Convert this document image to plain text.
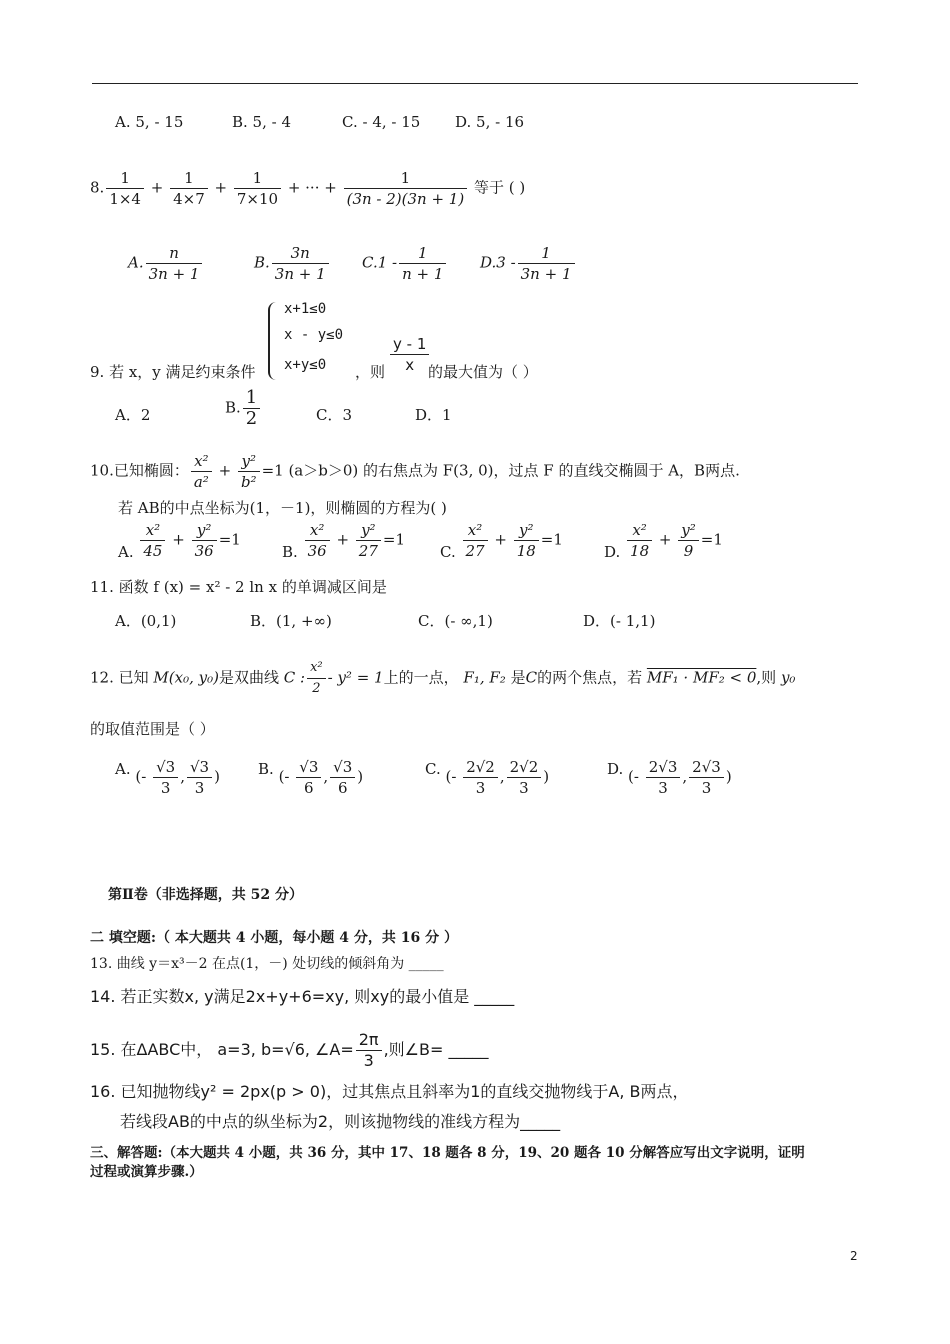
A. 5, - 15	B. 5, - 4	C. - 4, - 15 D. 5, - 16
8. $\frac{1}{1\times 4} + \frac{1}{4\times 7} + \frac{1}{7\times 10}$ + ··· + $\frac{1}{(3n - 2)(3n + 1)}$ 等于 ( )
A. $\frac{n}{3n + 1}$	B. $\frac{3n}{3n + 1} C.1 - \frac{1}{n + 1} D.3 - \frac{1}{3n + 1}$
x+1≤0
x - y≤0
x+y≤0
9. 若 x，y 满足约束条件	，则 $\frac{y - 1}{x}$
的最大值为（ ）
A．2	B. $\frac{1}{2}$	C．3	D．1
10.已知椭圆： $\frac{\text{x²}}{\text{a²}} + \frac{\text{y²}}{\text{b²}} =1$ (a＞b＞0) 的右焦点为 F(3, 0)，过点 F 的直线交椭圆于 A，B两点.
若 AB的中点坐标为(1，－1)，则椭圆的方程为( )
A. $\frac{\text{x²}}{45} + \frac{\text{y²}}{36} =1$
B. $\frac{\text{x²}}{36} + \frac{\text{y²}}{27} =1$
C. $\frac{\text{x²}}{27} + \frac{\text{y²}}{18} =1$
D. $\frac{\text{x²}}{18} + \frac{\text{y²}}{9} =1$
11. 函数 f (x) = x² - 2 ln x 的单调减区间是
A．(0,1)	B．(1, +∞)	C．(- ∞,1)	D．(- 1,1)
12. 已知 M(x₀, y₀)是双曲线 C : $\frac{\text{x²}}{2} - y^2 = 1$上的一点， F₁, F₂ 是C的两个焦点，若 MF₁ · MF₂ < 0,则 y₀
的取值范围是（ ）
A. (- $\frac{√3}{3}$ , $\frac{√3}{3}$ )	B. (- $\frac{√3}{6}$ , $\frac{√3}{6}$ )	C. (- $\frac{2√2}{3}$ , $\frac{2√2}{3}$ )	D. (- $\frac{2√3}{3}$ , $\frac{2√3}{3}$ )
第Ⅱ卷（非选择题，共 52 分）
二 填空题:（ 本大题共 4 小题，每小题 4 分，共 16 分 ）
13. 曲线 y＝x³－2 在点(1，－) 处切线的倾斜角为 _____
14. 若正实数x, y满足2x+y+6=xy, 则xy的最小值是 _____
15. 在ΔABC中， a=3, b=√6, ∠A= $\frac{2\pi}{3}$ ,则∠B= _____
16. 已知抛物线y² = 2px(p > 0)，过其焦点且斜率为1的直线交抛物线于A, B两点，
若线段AB的中点的纵坐标为2，则该抛物线的准线方程为_____
三、解答题:（本大题共 4 小题，共 36 分，其中 17、18 题各 8 分，19、20 题各 10 分解答应写出文字说明，证明
过程或演算步骤.）
2
